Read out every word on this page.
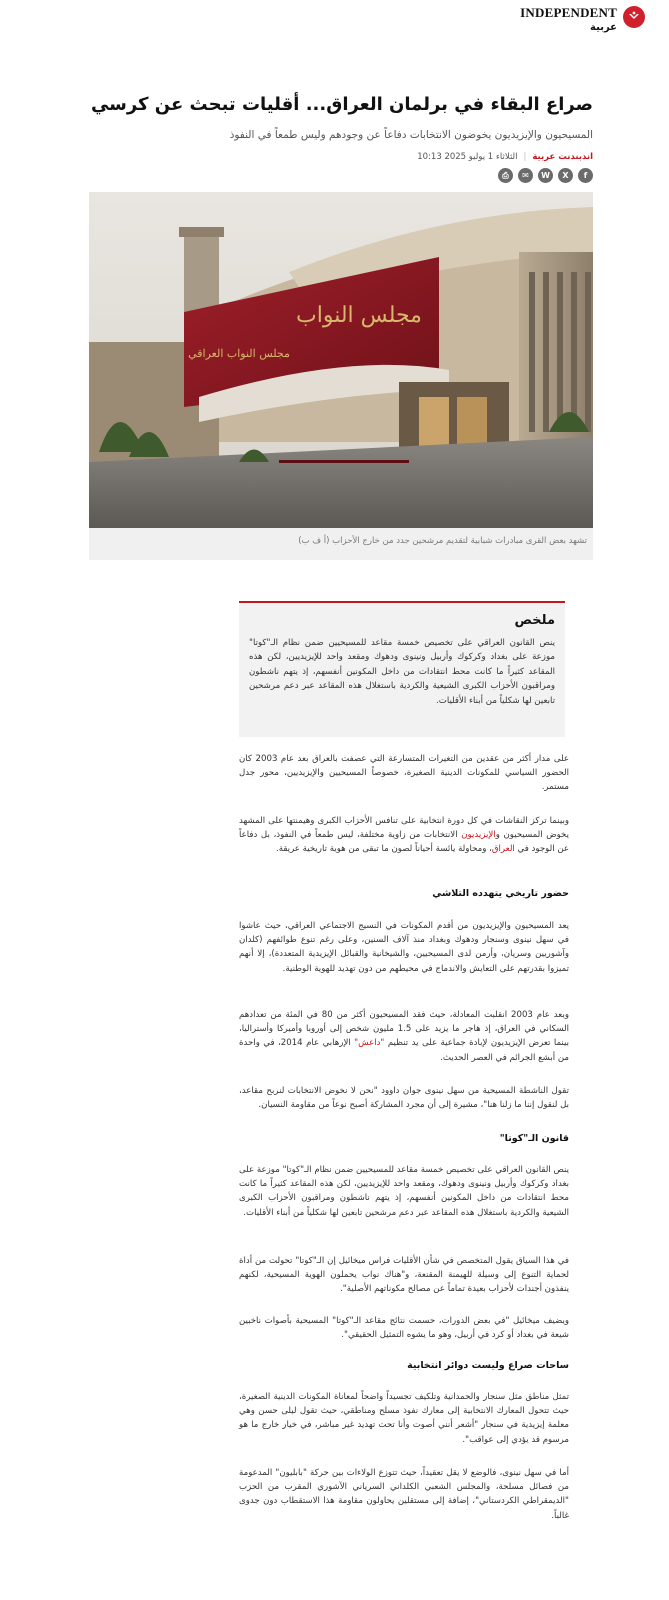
INDEPENDENT
عربية
صراع البقاء في برلمان العراق... أقليات تبحث عن كرسي

المسيحيون والإيزيديون يخوضون الانتخابات دفاعاً عن وجودهم وليس طمعاً في النفوذ

اندبندنت عربية
|
الثلاثاء 1 يوليو 2025 10:13
f
X
W
✉
⎙
مجلس النواب
مجلس النواب العراقي

تشهد بعض القرى مبادرات شبابية لتقديم مرشحين جدد من خارج الأحزاب (أ ف ب)

ملخص

ينص القانون العراقي على تخصيص خمسة مقاعد للمسيحيين ضمن نظام الـ"كوتا" موزعة على بغداد وكركوك وأربيل ونينوى ودهوك ومقعد واحد للإيزيديين، لكن هذه المقاعد كثيراً ما كانت محط انتقادات من داخل المكونين أنفسهم، إذ يتهم ناشطون ومراقبون الأحزاب الكبرى الشيعية والكردية باستغلال هذه المقاعد عبر دعم مرشحين تابعين لها شكلياً من أبناء الأقليات.

على مدار أكثر من عقدين من التغيرات المتسارعة التي عصفت بالعراق بعد عام 2003 كان الحضور السياسي للمكونات الدينية الصغيرة، خصوصاً المسيحيين والإيزيديين، محور جدل مستمر.

وبينما تركز النقاشات في كل دورة انتخابية على تنافس الأحزاب الكبرى وهيمنتها على المشهد يخوض المسيحيون والإيزيديون الانتخابات من زاوية مختلفة، ليس طمعاً في النفوذ، بل دفاعاً عن الوجود في العراق، ومحاولة يائسة أحياناً لصون ما تبقى من هوية تاريخية عريقة.

حضور تاريخي يتهدده التلاشي

يعد المسيحيون والإيزيديون من أقدم المكونات في النسيج الاجتماعي العراقي، حيث عاشوا في سهل نينوى وسنجار ودهوك وبغداد منذ آلاف السنين، وعلى رغم تنوع طوائفهم (كلدان وآشوريين وسريان، وأرمن لدى المسيحيين، والشيخانية والقبائل الإيزيدية المتعددة)، إلا أنهم تميزوا بقدرتهم على التعايش والاندماج في محيطهم من دون تهديد للهوية الوطنية.

وبعد عام 2003 انقلبت المعادلة، حيث فقد المسيحيون أكثر من 80 في المئة من تعدادهم السكاني في العراق، إذ هاجر ما يزيد على 1.5 مليون شخص إلى أوروبا وأميركا وأستراليا، بينما تعرض الإيزيديون لإبادة جماعية على يد تنظيم "داعش" الإرهابي عام 2014، في واحدة من أبشع الجرائم في العصر الحديث.

تقول الناشطة المسيحية من سهل نينوى جوان داوود "نحن لا نخوض الانتخابات لنربح مقاعد، بل لنقول إننا ما زلنا هنا"، مشيرة إلى أن مجرد المشاركة أصبح نوعاً من مقاومة النسيان.

قانون الـ"كوتا"

ينص القانون العراقي على تخصيص خمسة مقاعد للمسيحيين ضمن نظام الـ"كوتا" موزعة على بغداد وكركوك وأربيل ونينوى ودهوك، ومقعد واحد للإيزيديين، لكن هذه المقاعد كثيراً ما كانت محط انتقادات من داخل المكونين أنفسهم، إذ يتهم ناشطون ومراقبون الأحزاب الكبرى الشيعية والكردية باستغلال هذه المقاعد عبر دعم مرشحين تابعين لها شكلياً من أبناء الأقليات.

في هذا السياق يقول المتخصص في شأن الأقليات فراس ميخائيل إن الـ"كوتا" تحولت من أداة لحماية التنوع إلى وسيلة للهيمنة المقنعة، و"هناك نواب يحملون الهوية المسيحية، لكنهم ينفذون أجندات لأحزاب بعيدة تماماً عن مصالح مكوناتهم الأصلية".

ويضيف ميخائيل "في بعض الدورات، حسمت نتائج مقاعد الـ"كوتا" المسيحية بأصوات ناخبين شيعة في بغداد أو كرد في أربيل، وهو ما يشوه التمثيل الحقيقي".

ساحات صراع وليست دوائر انتخابية

تمثل مناطق مثل سنجار والحمدانية وتلكيف تجسيداً واضحاً لمعاناة المكونات الدينية الصغيرة، حيث تتحول المعارك الانتخابية إلى معارك نفوذ مسلح ومناطقي، حيث تقول ليلى حسن وهي معلمة إيزيدية في سنجار "أشعر أنني أصوت وأنا تحت تهديد غير مباشر، في خيار خارج ما هو مرسوم قد يؤدي إلى عواقب".

أما في سهل نينوى، فالوضع لا يقل تعقيداً، حيث تتوزع الولاءات بين حركة "بابليون" المدعومة من فصائل مسلحة، والمجلس الشعبي الكلداني السرياني الآشوري المقرب من الحزب "الديمقراطي الكردستاني"، إضافة إلى مستقلين يحاولون مقاومة هذا الاستقطاب دون جدوى غالباً.
